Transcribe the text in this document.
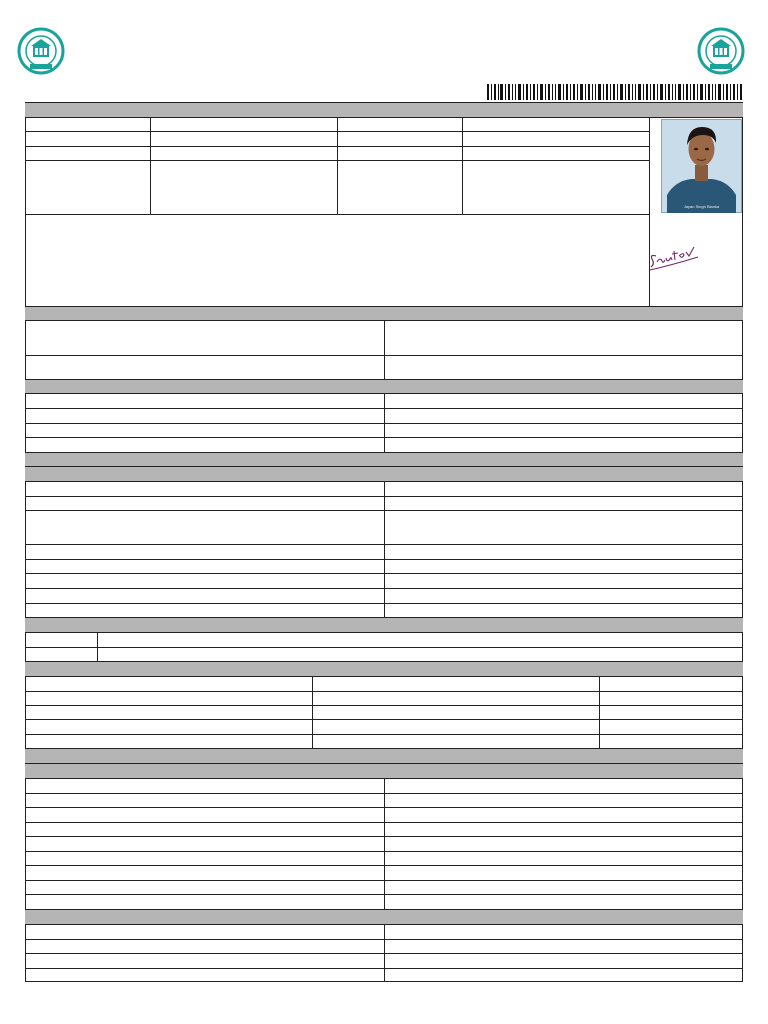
Jayan Singh Blanka
